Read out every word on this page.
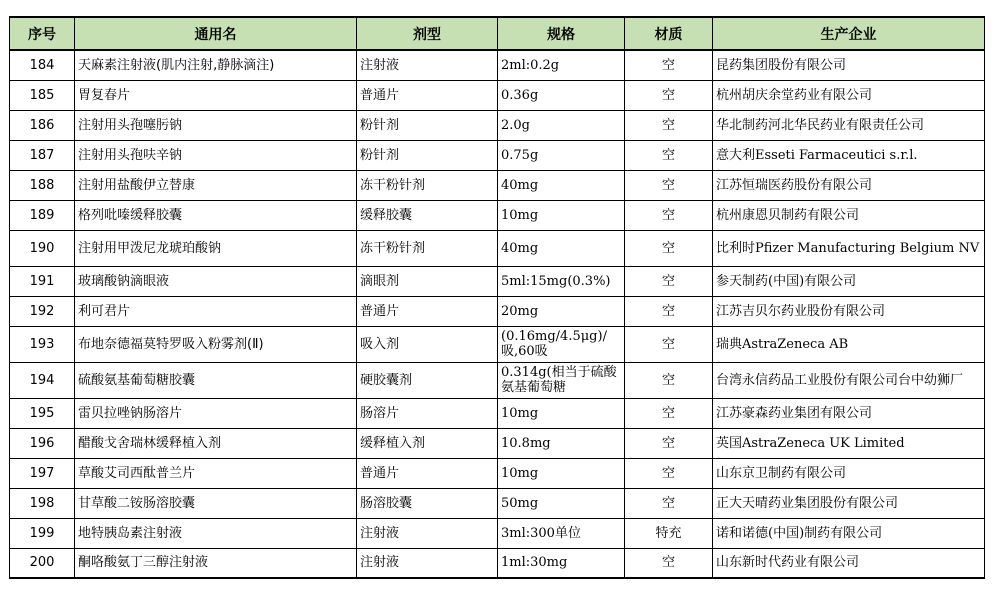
序号	通用名	剂型	规格	材质	生产企业
184	天麻素注射液(肌内注射,静脉滴注)	注射液	2ml:0.2g	空	昆药集团股份有限公司
185	胃复春片	普通片	0.36g	空	杭州胡庆余堂药业有限公司
186	注射用头孢噻肟钠	粉针剂	2.0g	空	华北制药河北华民药业有限责任公司
187	注射用头孢呋辛钠	粉针剂	0.75g	空	意大利Esseti Farmaceutici s.r.l.
188	注射用盐酸伊立替康	冻干粉针剂	40mg	空	江苏恒瑞医药股份有限公司
189	格列吡嗪缓释胶囊	缓释胶囊	10mg	空	杭州康恩贝制药有限公司
190	注射用甲泼尼龙琥珀酸钠	冻干粉针剂	40mg	空	比利时Pfizer Manufacturing Belgium NV
191	玻璃酸钠滴眼液	滴眼剂	5ml:15mg(0.3%)	空	参天制药(中国)有限公司
192	利可君片	普通片	20mg	空	江苏吉贝尔药业股份有限公司
193	布地奈德福莫特罗吸入粉雾剂(Ⅱ)	吸入剂	(0.16mg/4.5μg)/吸,60吸	空	瑞典AstraZeneca AB
194	硫酸氨基葡萄糖胶囊	硬胶囊剂	0.314g(相当于硫酸氨基葡萄糖	空	台湾永信药品工业股份有限公司台中幼狮厂
195	雷贝拉唑钠肠溶片	肠溶片	10mg	空	江苏豪森药业集团有限公司
196	醋酸戈舍瑞林缓释植入剂	缓释植入剂	10.8mg	空	英国AstraZeneca UK Limited
197	草酸艾司西酞普兰片	普通片	10mg	空	山东京卫制药有限公司
198	甘草酸二铵肠溶胶囊	肠溶胶囊	50mg	空	正大天晴药业集团股份有限公司
199	地特胰岛素注射液	注射液	3ml:300单位	特充	诺和诺德(中国)制药有限公司
200	酮咯酸氨丁三醇注射液	注射液	1ml:30mg	空	山东新时代药业有限公司
